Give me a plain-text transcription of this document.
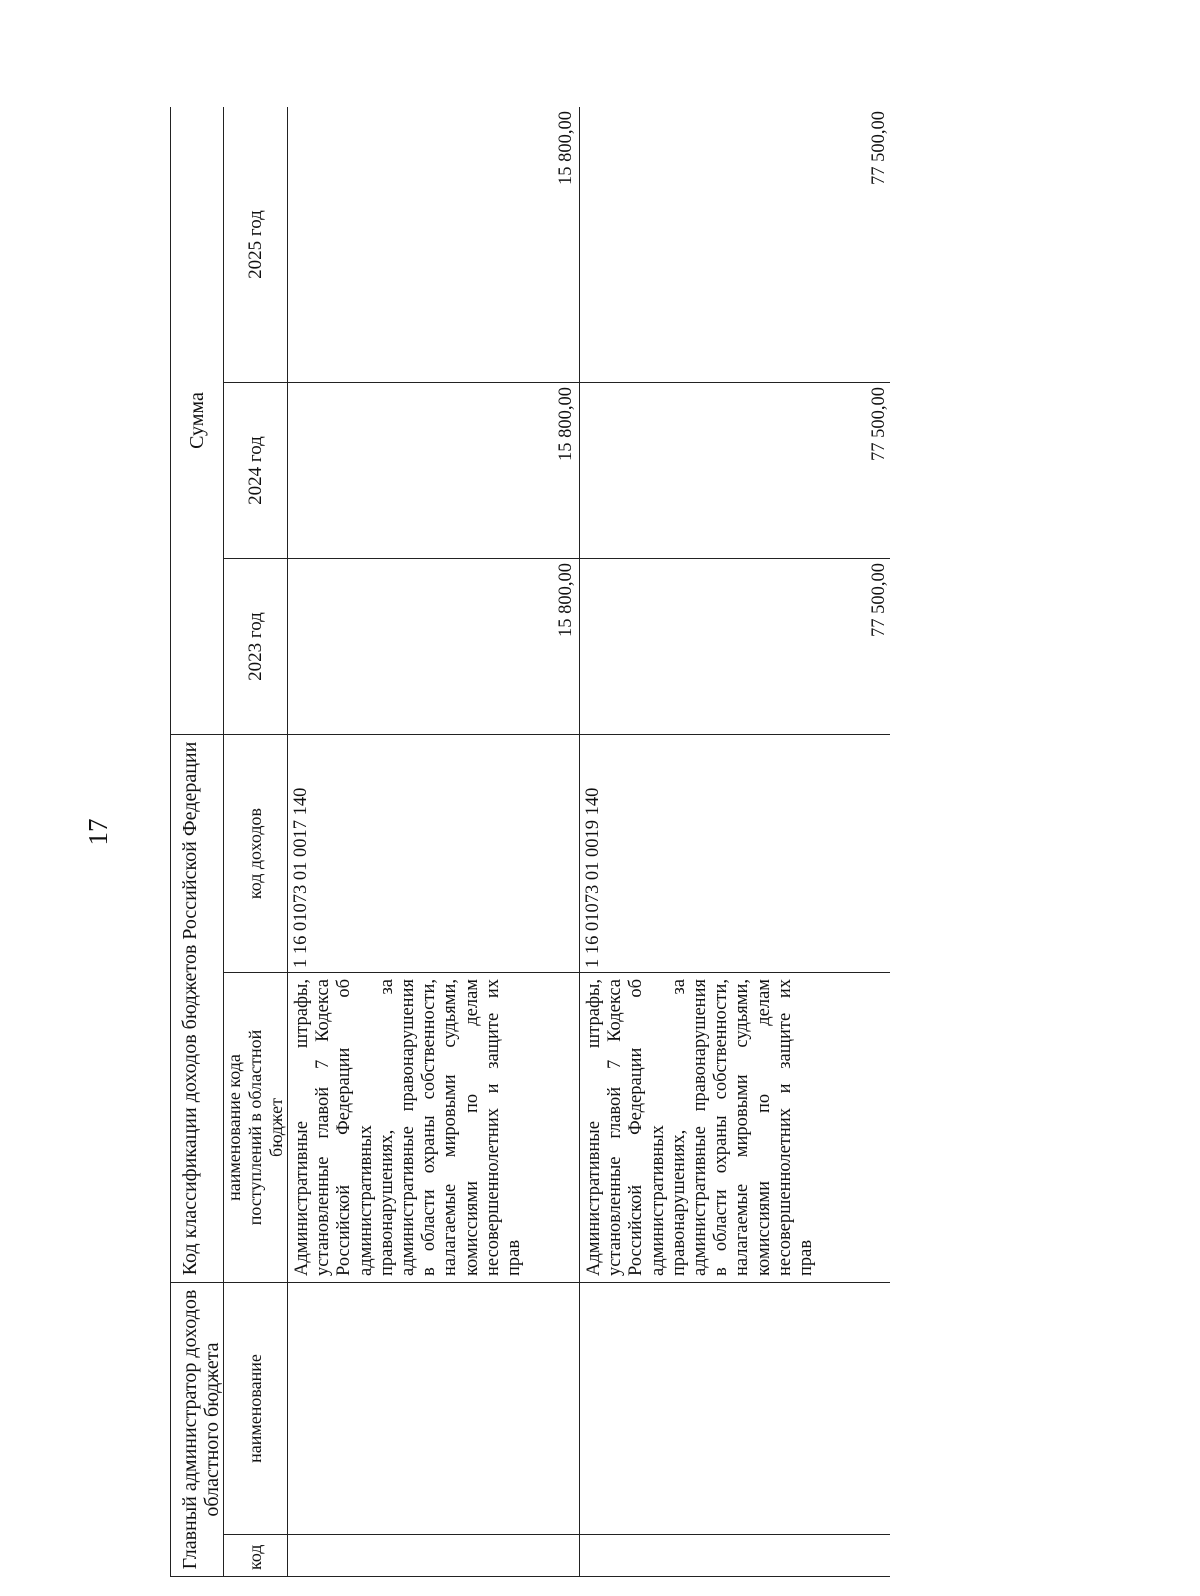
17
Главный администратор доходов областного бюджета		Код классификации доходов бюджетов Российской Федерации		Сумма		
код	наименование	наименование кода поступлений в областной бюджет	код доходов	2023 год	2024 год	2025 год
		Административные штрафы, установленные главой 7 Кодекса Российской Федерации об административных правонарушениях, за административные правонарушения в области охраны собственности, налагаемые мировыми судьями, комиссиями по делам несовершеннолетних и защите их прав	1 16 01073 01 0017 140	15 800,00	15 800,00	15 800,00
		Административные штрафы, установленные главой 7 Кодекса Российской Федерации об административных правонарушениях, за административные правонарушения в области охраны собственности, налагаемые мировыми судьями, комиссиями по делам несовершеннолетних и защите их прав	1 16 01073 01 0019 140	77 500,00	77 500,00	77 500,00
